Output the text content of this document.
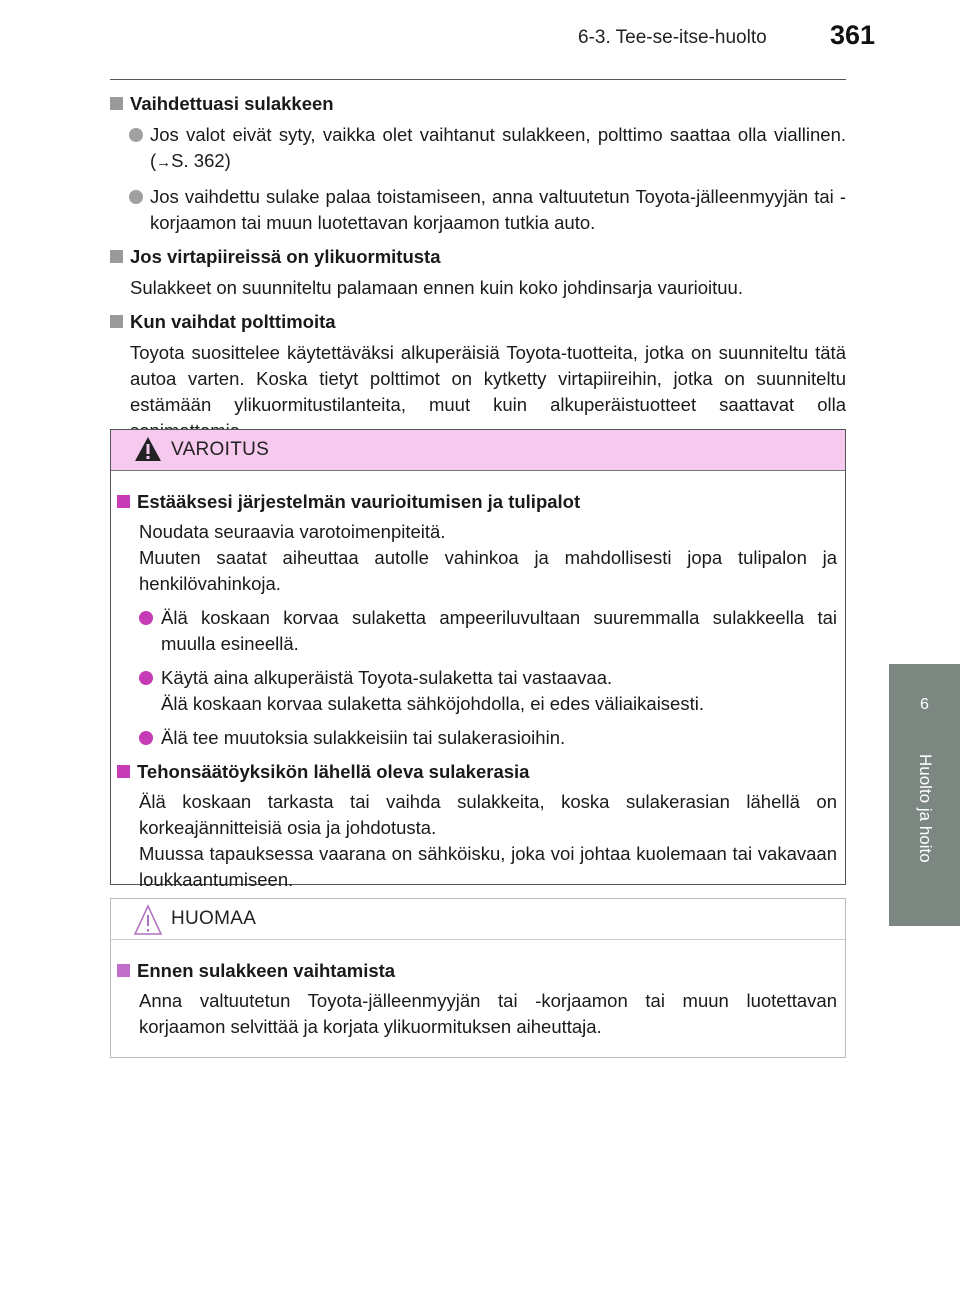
6-3. Tee-se-itse-huolto 361
6
Huolto ja hoito
Vaihdettuasi sulakkeen
Jos valot eivät syty, vaikka olet vaihtanut sulakkeen, polttimo saattaa olla viallinen. (→S. 362)
Jos vaihdettu sulake palaa toistamiseen, anna valtuutetun Toyota-jälleenmyyjän tai -korjaamon tai muun luotettavan korjaamon tutkia auto.
Jos virtapiireissä on ylikuormitusta
Sulakkeet on suunniteltu palamaan ennen kuin koko johdinsarja vaurioituu.
Kun vaihdat polttimoita
Toyota suosittelee käytettäväksi alkuperäisiä Toyota-tuotteita, jotka on suunniteltu tätä autoa varten. Koska tietyt polttimot on kytketty virtapiireihin, jotka on suunniteltu estämään ylikuormitustilanteita, muut kuin alkuperäistuotteet saattavat olla
VAROITUS
Estääksesi järjestelmän vaurioitumisen ja tulipalot
Noudata seuraavia varotoimenpiteitä.
Muuten saatat aiheuttaa autolle vahinkoa ja mahdollisesti jopa tulipalon ja henkilövahinkoja.
Älä koskaan korvaa sulaketta ampeeriluvultaan suuremmalla sulakkeella tai muulla esineellä.
Käytä aina alkuperäistä Toyota-sulaketta tai vastaavaa.
Älä koskaan korvaa sulaketta sähköjohdolla, ei edes väliaikaisesti.
Älä tee muutoksia sulakkeisiin tai sulakerasioihin.
Tehonsäätöyksikön lähellä oleva sulakerasia
Älä koskaan tarkasta tai vaihda sulakkeita, koska sulakerasian lähellä on korkeajännitteisiä osia ja johdotusta.
Muussa tapauksessa vaarana on sähköisku, joka voi johtaa kuolemaan tai vakavaan loukkaantumiseen.
HUOMAA
Ennen sulakkeen vaihtamista
Anna valtuutetun Toyota-jälleenmyyjän tai -korjaamon tai muun luotettavan korjaamon selvittää ja korjata ylikuormituksen aiheuttaja.
